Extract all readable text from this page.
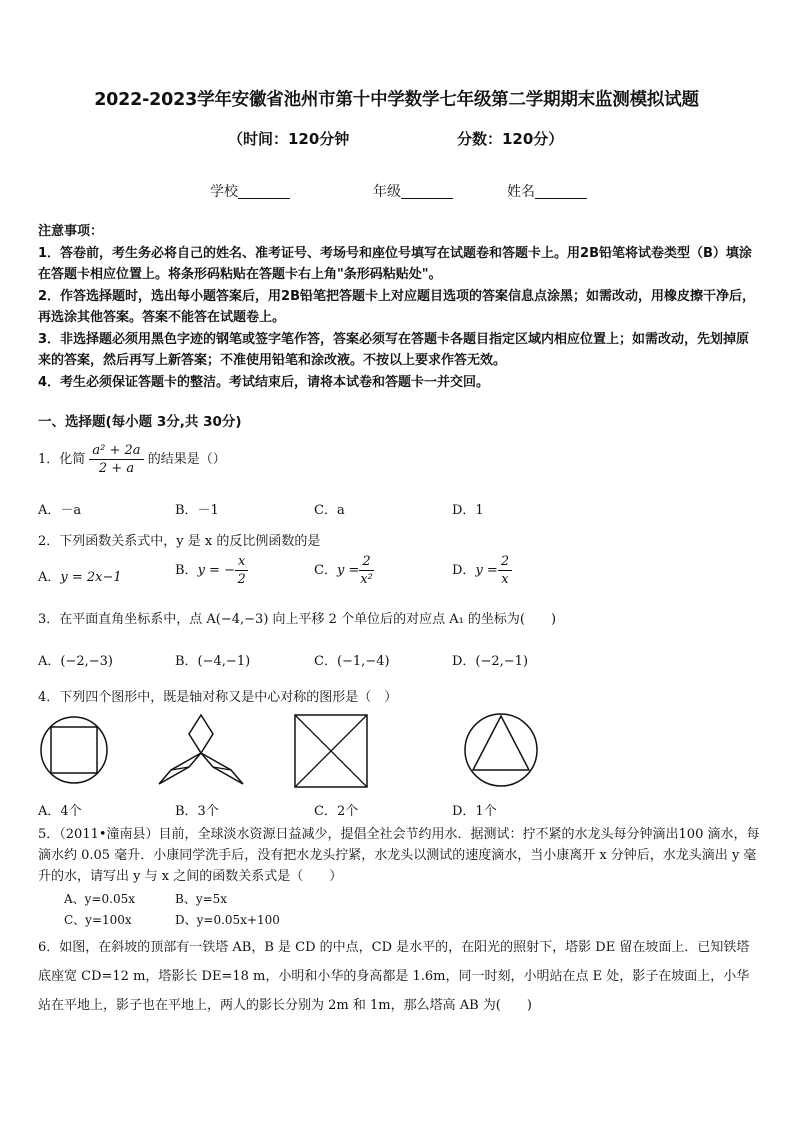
2022-2023学年安徽省池州市第十中学数学七年级第二学期期末监测模拟试题
（时间：120分钟	分数：120分）
学校	年级	姓名
注意事项：
1．答卷前，考生务必将自己的姓名、准考证号、考场号和座位号填写在试题卷和答题卡上。用2B铅笔将试卷类型（B）填涂在答题卡相应位置上。将条形码粘贴在答题卡右上角"条形码粘贴处"。
2．作答选择题时，选出每小题答案后，用2B铅笔把答题卡上对应题目选项的答案信息点涂黑；如需改动，用橡皮擦干净后，再选涂其他答案。答案不能答在试题卷上。
3．非选择题必须用黑色字迹的钢笔或签字笔作答，答案必须写在答题卡各题目指定区域内相应位置上；如需改动，先划掉原来的答案，然后再写上新答案；不准使用铅笔和涂改液。不按以上要求作答无效。
4．考生必须保证答题卡的整洁。考试结束后，请将本试卷和答题卡一并交回。
一、选择题(每小题 3分,共 30分)
1．化简 $\frac{\text{a² + 2a}}{2 + a}$ 的结果是（）
A．－a	B．－1	C．a	D．1
2．下列函数关系式中，y 是 x 的反比例函数的是
A．y = 2x−1	B．y = − $\frac{x}{2}$	C．$y = \frac{2}{\text{x²}}$	D．$y = \frac{2}{x}$
3．在平面直角坐标系中，点 A(−4,−3) 向上平移 2 个单位后的对应点 A₁ 的坐标为(　　)
A．(−2,−3)	B．(−4,−1)	C．(−1,−4)	D．(−2,−1)
4．下列四个图形中，既是轴对称又是中心对称的图形是（　）
A．4个	B．3个	C．2个	D．1个
5．（2011•潼南县）目前，全球淡水资源日益减少，提倡全社会节约用水．据测试：拧不紧的水龙头每分钟滴出100 滴水，每滴水约 0.05 毫升．小康同学洗手后，没有把水龙头拧紧，水龙头以测试的速度滴水，当小康离开 x 分钟后，水龙头滴出 y 毫升的水，请写出 y 与 x 之间的函数关系式是（　　）
A、y=0.05x	B、y=5x
C、y=100x	D、y=0.05x+100
6．如图，在斜坡的顶部有一铁塔 AB，B 是 CD 的中点，CD 是水平的，在阳光的照射下，塔影 DE 留在坡面上．已知铁塔底座宽 CD=12 m，塔影长 DE=18 m，小明和小华的身高都是 1.6m，同一时刻，小明站在点 E 处，影子在坡面上，小华站在平地上，影子也在平地上，两人的影长分别为 2m 和 1m，那么塔高 AB 为(　　)
